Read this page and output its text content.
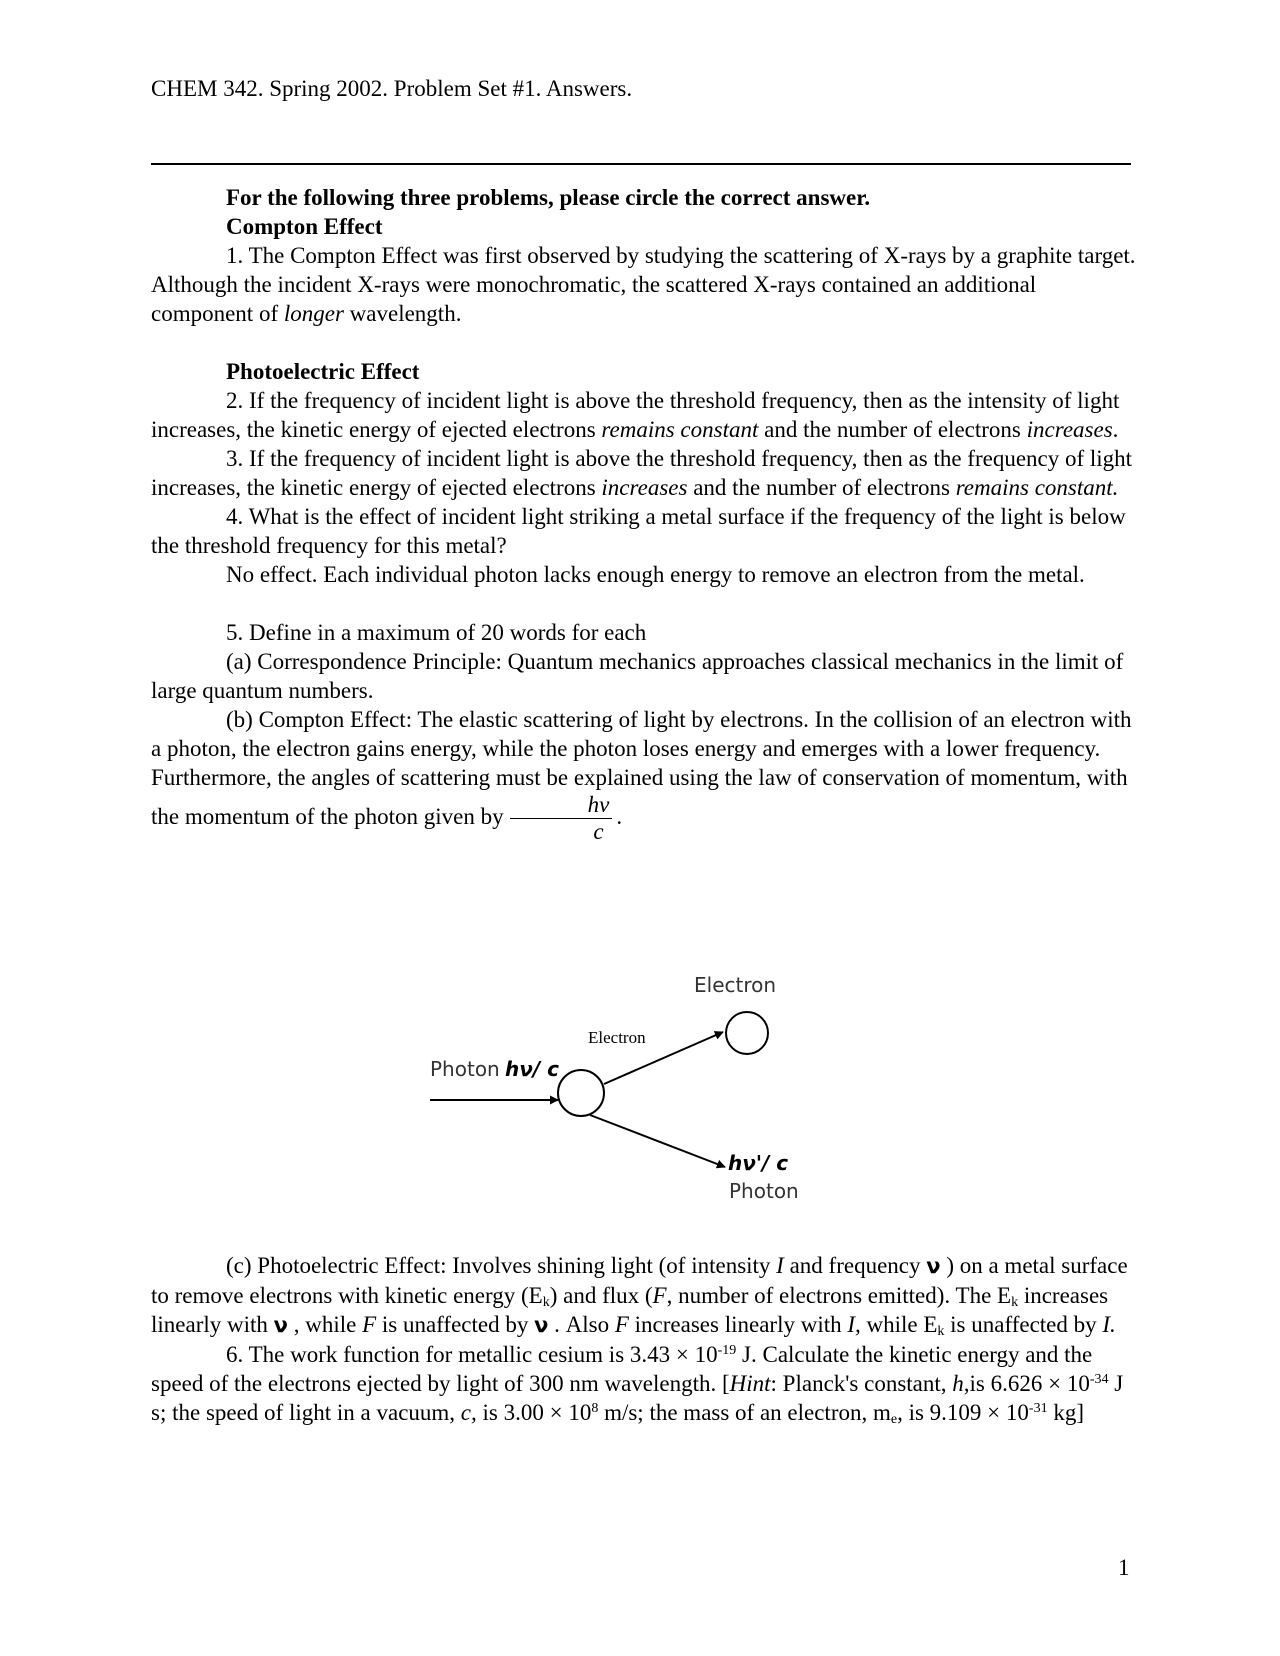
CHEM 342. Spring 2002. Problem Set #1. Answers.

For the following three problems, please circle the correct answer.

Compton Effect

1. The Compton Effect was first observed by studying the scattering of X-rays by a graphite target. Although the incident X-rays were monochromatic, the scattered X-rays contained an additional component of longer wavelength.

Photoelectric Effect

2. If the frequency of incident light is above the threshold frequency, then as the intensity of light increases, the kinetic energy of ejected electrons remains constant and the number of electrons increases.

3. If the frequency of incident light is above the threshold frequency, then as the frequency of light increases, the kinetic energy of ejected electrons increases and the number of electrons remains constant.

4. What is the effect of incident light striking a metal surface if the frequency of the light is below the threshold frequency for this metal?

No effect. Each individual photon lacks enough energy to remove an electron from the metal.

5. Define in a maximum of 20 words for each

(a) Correspondence Principle: Quantum mechanics approaches classical mechanics in the limit of large quantum numbers.

(b) Compton Effect: The elastic scattering of light by electrons. In the collision of an electron with a photon, the electron gains energy, while the photon loses energy and emerges with a lower frequency. Furthermore, the angles of scattering must be explained using the law of conservation of momentum, with the momentum of the photon given by $\frac{h\nu}{c}$ .

Electron
Electron
Photon hν/ c
hν'/ c
Photon

(c) Photoelectric Effect: Involves shining light (of intensity I and frequency ν ) on a metal surface to remove electrons with kinetic energy $(E_k)$ and flux (F, number of electrons emitted). The $E_k$ increases linearly with ν , while F is unaffected by ν . Also F increases linearly with I, while $E_k$ is unaffected by I.

6. The work function for metallic cesium is $3.43 \times 10^{-19}$ J. Calculate the kinetic energy and the speed of the electrons ejected by light of 300 nm wavelength. [Hint: Planck's constant, h,is $6.626 \times 10^{-34}$ J s; the speed of light in a vacuum, c, is $3.00 \times 10^8$ m/s; the mass of an electron, $m_e$, is $9.109 \times 10^{-31}$ kg]

1
